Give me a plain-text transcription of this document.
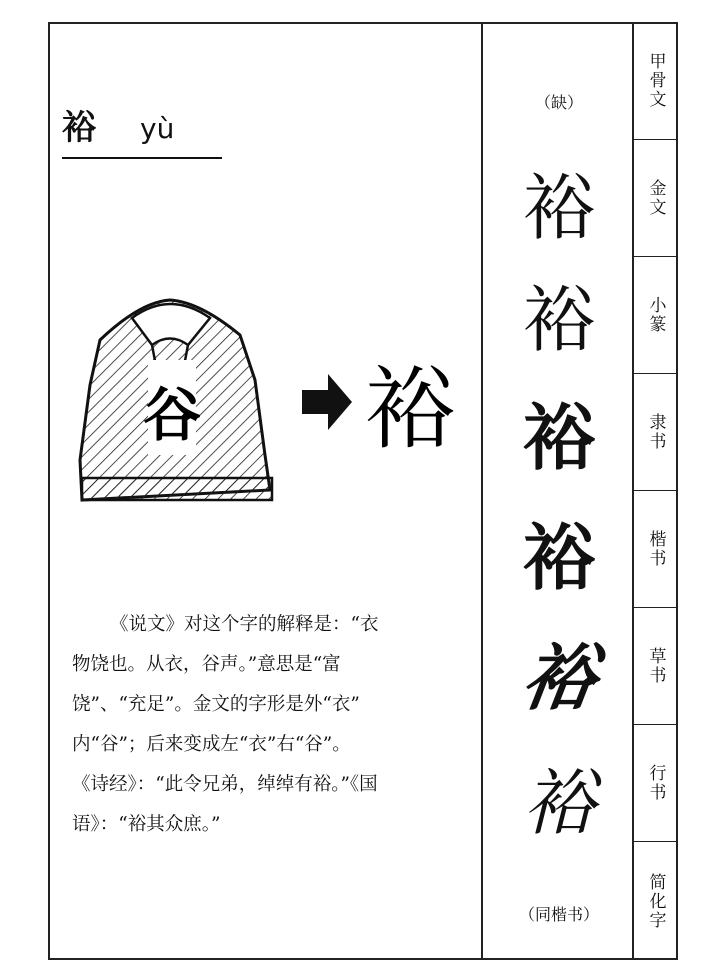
裕 yù
谷 裕
《说文》对这个字的解释是：“衣
物饶也。从衣，谷声。”意思是“富
饶”、“充足”。金文的字形是外“衣”
内“谷”；后来变成左“衣”右“谷”。
《诗经》：“此令兄弟，绰绰有裕。”《国
语》：“裕其众庶。”
（缺）
裕
裕
裕
裕
裕
裕
（同楷书）
甲骨文
金文
小篆
隶书
楷书
草书
行书
简化字
